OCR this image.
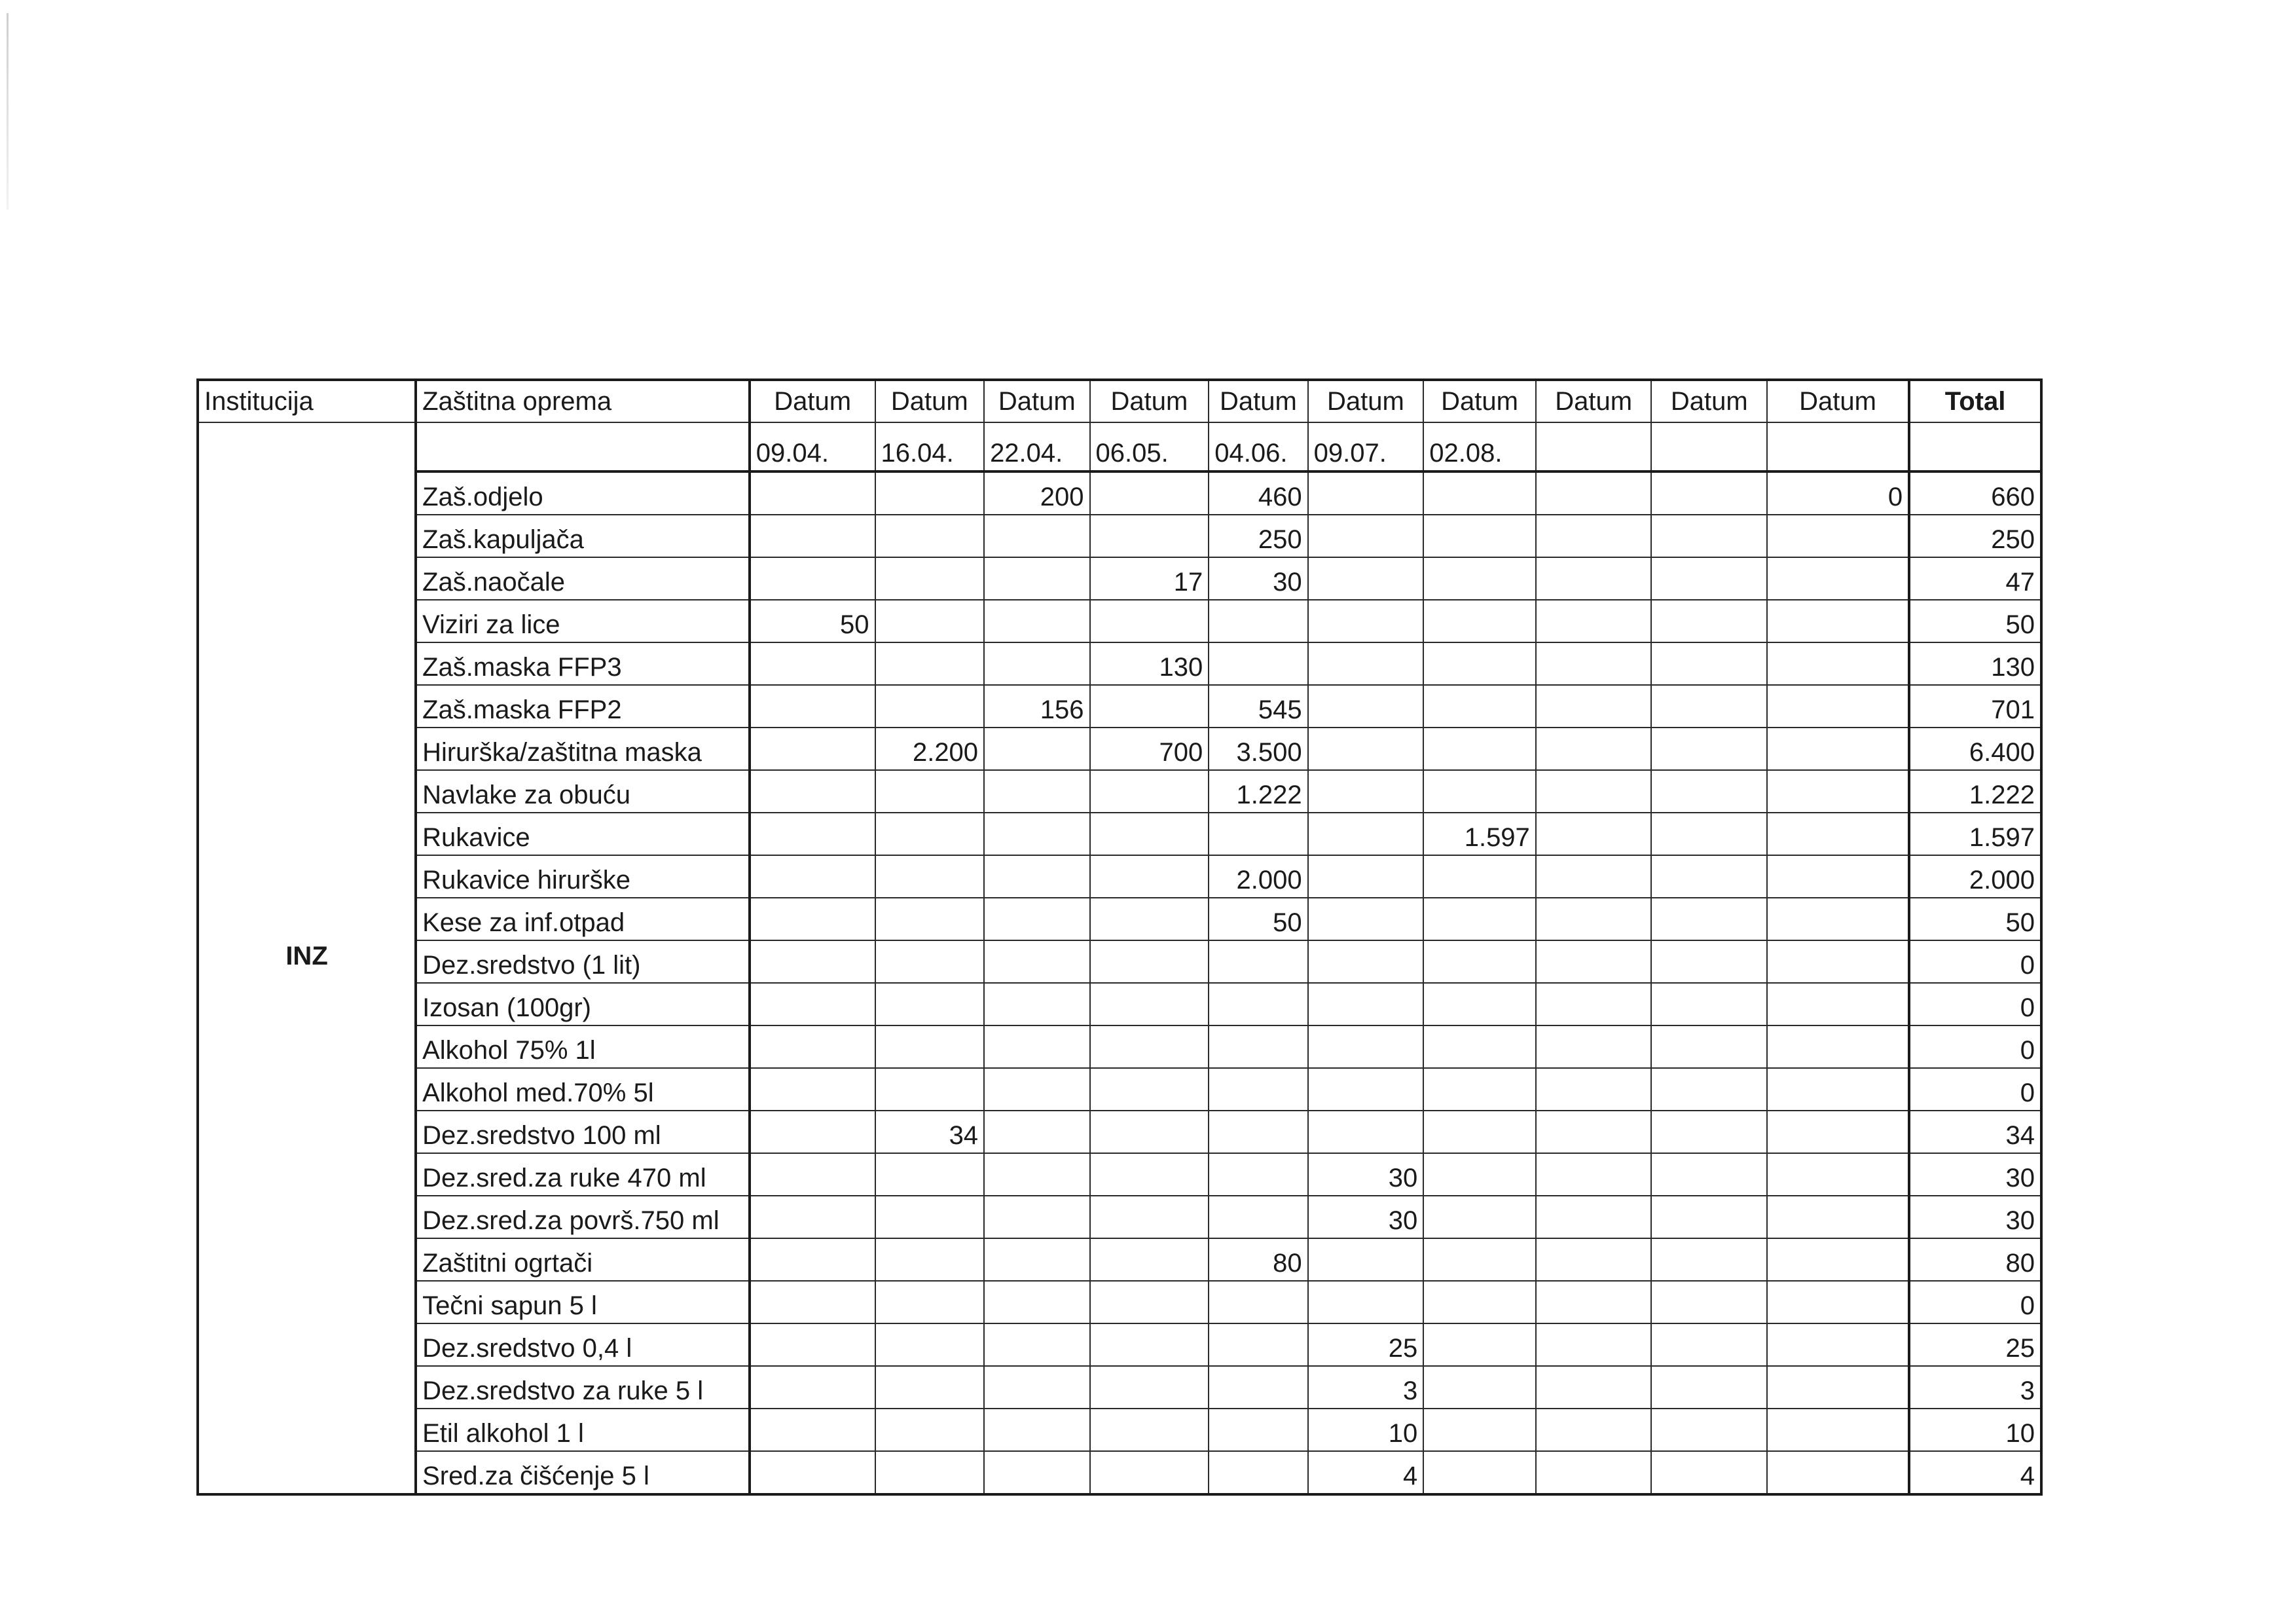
Institucija	Zaštitna oprema	Datum	Datum	Datum	Datum	Datum	Datum	Datum	Datum	Datum	Datum	Total
INZ		09.04.	16.04.	22.04.	06.05.	04.06.	09.07.	02.08.				
	Zaš.odjelo			200		460					0	660
	Zaš.kapuljača					250						250
	Zaš.naočale				17	30						47
	Viziri za lice	50										50
	Zaš.maska FFP3				130							130
	Zaš.maska FFP2			156		545						701
	Hirurška/zaštitna maska		2.200		700	3.500						6.400
	Navlake za obuću					1.222						1.222
	Rukavice							1.597				1.597
	Rukavice hirurške					2.000						2.000
	Kese za inf.otpad					50						50
	Dez.sredstvo (1 lit)											0
	Izosan (100gr)											0
	Alkohol 75% 1l											0
	Alkohol med.70% 5l											0
	Dez.sredstvo 100 ml		34									34
	Dez.sred.za ruke 470 ml						30					30
	Dez.sred.za površ.750 ml						30					30
	Zaštitni ogrtači					80						80
	Tečni sapun 5 l											0
	Dez.sredstvo 0,4 l						25					25
	Dez.sredstvo za ruke 5 l						3					3
	Etil alkohol 1 l						10					10
	Sred.za čišćenje 5 l						4					4
